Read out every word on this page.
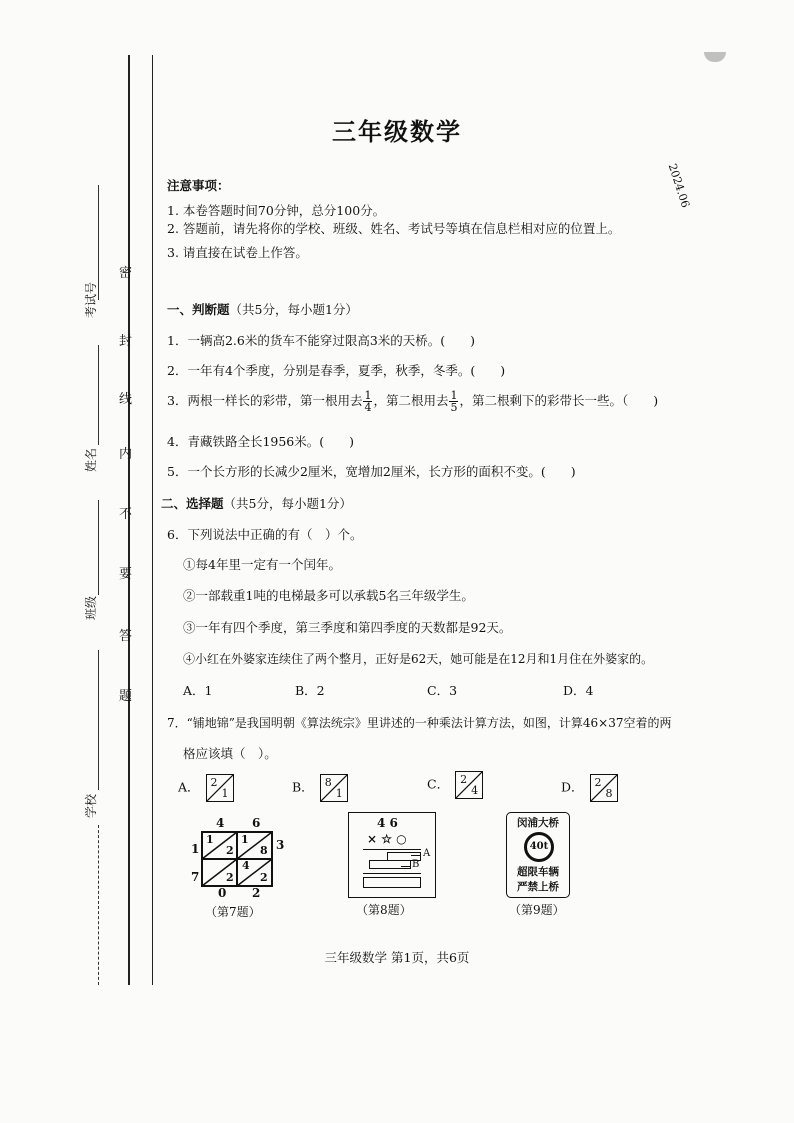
密
封
线
内
不
要
答
题
考试号
姓名
班级
学校
三年级数学
2024.06
注意事项：
1. 本卷答题时间70分钟，总分100分。
2. 答题前，请先将你的学校、班级、姓名、考试号等填在信息栏相对应的位置上。
3. 请直接在试卷上作答。
一、判断题（共5分，每小题1分）
1．一辆高2.6米的货车不能穿过限高3米的天桥。(　　)
2．一年有4个季度，分别是春季，夏季，秋季，冬季。(　　)
3．两根一样长的彩带，第一根用去 $\frac{1}{4}$ ，第二根用去 $\frac{1}{5}$ ，第二根剩下的彩带长一些。（　　)
4．青藏铁路全长1956米。(　　)
5．一个长方形的长减少2厘米，宽增加2厘米，长方形的面积不变。(　　)
二、选择题（共5分，每小题1分）
6．下列说法中正确的有（　）个。
①每4年里一定有一个闰年。
②一部载重1吨的电梯最多可以承载5名三年级学生。
③一年有四个季度，第三季度和第四季度的天数都是92天。
④小红在外婆家连续住了两个整月，正好是62天，她可能是在12月和1月住在外婆家的。
A．1	B．2	C．3	D．4
7．“铺地锦”是我国明朝《算法统宗》里讲述的一种乘法计算方法，如图，计算46×37空着的两
格应该填（　）。
A． 2
1	B． 8
1
C． 2
4	D． 2
8
4 6
3
1
7
0 2
1
2
1
8
4
2
2
（第7题）
4 6
× ☆ ○
A
B
（第8题）
闵浦大桥
40t
超限车辆
严禁上桥
（第9题）
三年级数学 第1页，共6页
